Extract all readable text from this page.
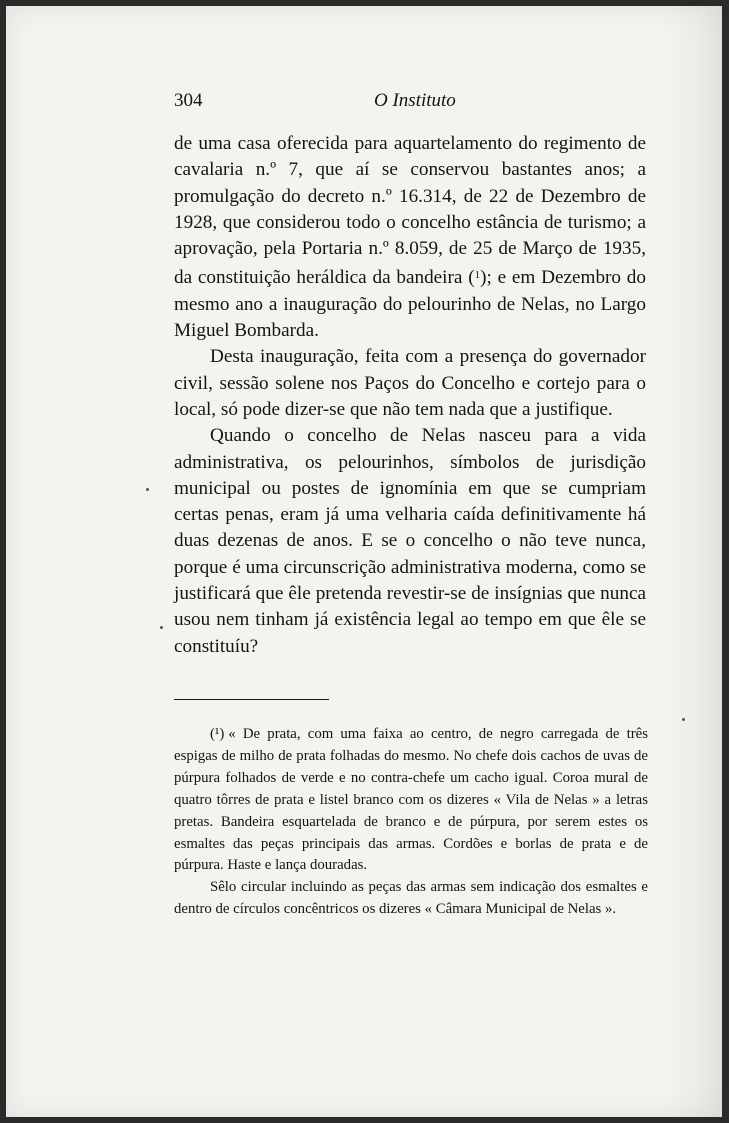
304	O Instituto

de uma casa oferecida para aquartelamento do regimento de cavalaria n.º 7, que aí se conservou bastantes anos; a promulgação do decreto n.º 16.314, de 22 de Dezembro de 1928, que considerou todo o concelho estância de turismo; a aprovação, pela Portaria n.º 8.059, de 25 de Março de 1935, da constituição heráldica da bandeira ($^1$); e em Dezembro do mesmo ano a inauguração do pelourinho de Nelas, no Largo Miguel Bombarda.

Desta inauguração, feita com a presença do governador civil, sessão solene nos Paços do Concelho e cortejo para o local, só pode dizer-se que não tem nada que a justifique.

Quando o concelho de Nelas nasceu para a vida administrativa, os pelourinhos, símbolos de jurisdição municipal ou postes de ignomínia em que se cumpriam certas penas, eram já uma velharia caída definitivamente há duas dezenas de anos. E se o concelho o não teve nunca, porque é uma circunscrição administrativa moderna, como se justificará que êle pretenda revestir-se de insígnias que nunca usou nem tinham já existência legal ao tempo em que êle se constituíu?

(¹) « De prata, com uma faixa ao centro, de negro carregada de três espigas de milho de prata folhadas do mesmo. No chefe dois cachos de uvas de púrpura folhados de verde e no contra-chefe um cacho igual. Coroa mural de quatro tôrres de prata e listel branco com os dizeres « Vila de Nelas » a letras pretas. Bandeira esquartelada de branco e de púrpura, por serem estes os esmaltes das peças principais das armas. Cordões e borlas de prata e de púrpura. Haste e lança douradas.

Sêlo circular incluindo as peças das armas sem indicação dos esmaltes e dentro de círculos concêntricos os dizeres « Câmara Municipal de Nelas ».
